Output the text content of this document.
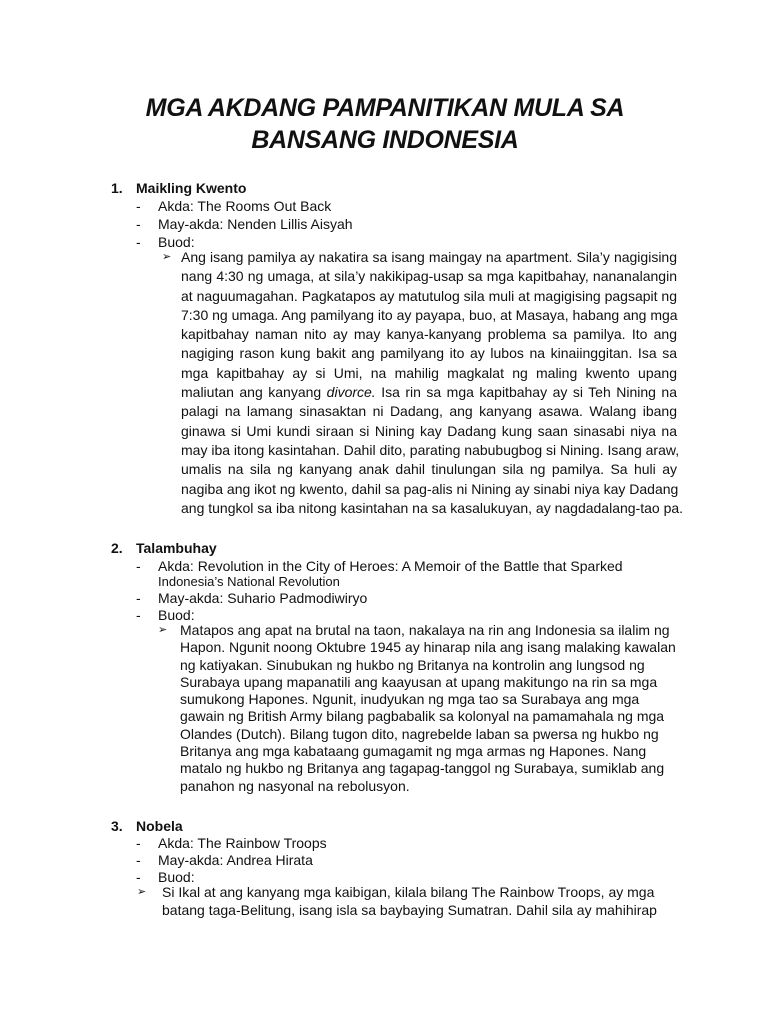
MGA AKDANG PAMPANITIKAN MULA SA
BANSANG INDONESIA
1. Maikling Kwento
- Akda: The Rooms Out Back
- May-akda: Nenden Lillis Aisyah
- Buod:
➢ Ang isang pamilya ay nakatira sa isang maingay na apartment. Sila’y nagigising
nang 4:30 ng umaga, at sila’y nakikipag-usap sa mga kapitbahay, nananalangin
at naguumagahan. Pagkatapos ay matutulog sila muli at magigising pagsapit ng
7:30 ng umaga. Ang pamilyang ito ay payapa, buo, at Masaya, habang ang mga
kapitbahay naman nito ay may kanya-kanyang problema sa pamilya. Ito ang
nagiging rason kung bakit ang pamilyang ito ay lubos na kinaiinggitan. Isa sa
mga kapitbahay ay si Umi, na mahilig magkalat ng maling kwento upang
maliutan ang kanyang divorce. Isa rin sa mga kapitbahay ay si Teh Nining na
palagi na lamang sinasaktan ni Dadang, ang kanyang asawa. Walang ibang
ginawa si Umi kundi siraan si Nining kay Dadang kung saan sinasabi niya na
may iba itong kasintahan. Dahil dito, parating nabubugbog si Nining. Isang araw,
umalis na sila ng kanyang anak dahil tinulungan sila ng pamilya. Sa huli ay
nagiba ang ikot ng kwento, dahil sa pag-alis ni Nining ay sinabi niya kay Dadang
ang tungkol sa iba nitong kasintahan na sa kasalukuyan, ay nagdadalang-tao pa.
2. Talambuhay
- Akda: Revolution in the City of Heroes: A Memoir of the Battle that Sparked
Indonesia’s National Revolution
- May-akda: Suhario Padmodiwiryo
- Buod:
➢ Matapos ang apat na brutal na taon, nakalaya na rin ang Indonesia sa ilalim ng
Hapon. Ngunit noong Oktubre 1945 ay hinarap nila ang isang malaking kawalan
ng katiyakan. Sinubukan ng hukbo ng Britanya na kontrolin ang lungsod ng
Surabaya upang mapanatili ang kaayusan at upang makitungo na rin sa mga
sumukong Hapones. Ngunit, inudyukan ng mga tao sa Surabaya ang mga
gawain ng British Army bilang pagbabalik sa kolonyal na pamamahala ng mga
Olandes (Dutch). Bilang tugon dito, nagrebelde laban sa pwersa ng hukbo ng
Britanya ang mga kabataang gumagamit ng mga armas ng Hapones. Nang
matalo ng hukbo ng Britanya ang tagapag-tanggol ng Surabaya, sumiklab ang
panahon ng nasyonal na rebolusyon.
3. Nobela
- Akda: The Rainbow Troops
- May-akda: Andrea Hirata
- Buod:
➢ Si Ikal at ang kanyang mga kaibigan, kilala bilang The Rainbow Troops, ay mga
batang taga-Belitung, isang isla sa baybaying Sumatran. Dahil sila ay mahihirap
